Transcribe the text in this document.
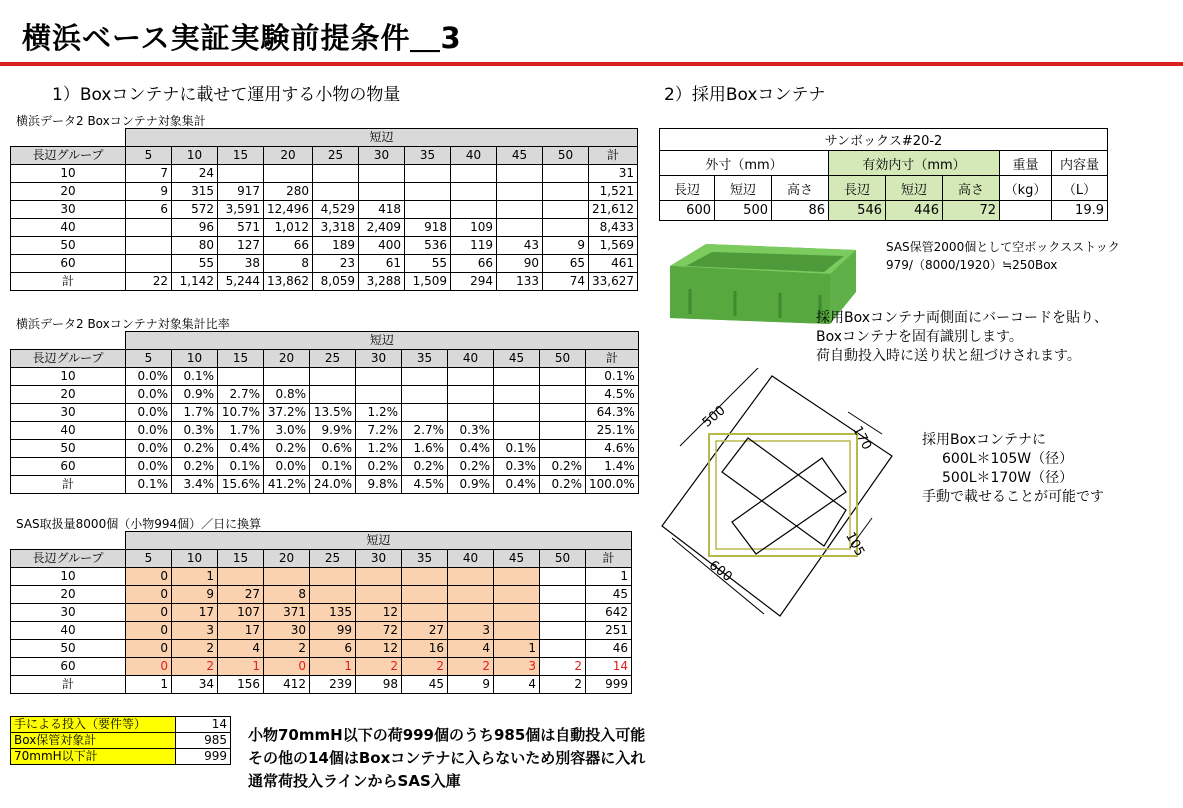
横浜ベース実証実験前提条件＿3
1）Boxコンテナに載せて運用する小物の物量	2）採用Boxコンテナ
横浜データ2 Boxコンテナ対象集計
横浜データ2 Boxコンテナ対象集計比率
SAS取扱量8000個（小物994個）／日に換算
	短辺										
長辺グループ	5	10	15	20	25	30	35	40	45	50	計
10	7	24									31
20	9	315	917	280							1,521
30	6	572	3,591	12,496	4,529	418					21,612
40		96	571	1,012	3,318	2,409	918	109			8,433
50		80	127	66	189	400	536	119	43	9	1,569
60		55	38	8	23	61	55	66	90	65	461
計	22	1,142	5,244	13,862	8,059	3,288	1,509	294	133	74	33,627
	短辺										
長辺グループ	5	10	15	20	25	30	35	40	45	50	計
10	0.0%	0.1%									0.1%
20	0.0%	0.9%	2.7%	0.8%							4.5%
30	0.0%	1.7%	10.7%	37.2%	13.5%	1.2%					64.3%
40	0.0%	0.3%	1.7%	3.0%	9.9%	7.2%	2.7%	0.3%			25.1%
50	0.0%	0.2%	0.4%	0.2%	0.6%	1.2%	1.6%	0.4%	0.1%		4.6%
60	0.0%	0.2%	0.1%	0.0%	0.1%	0.2%	0.2%	0.2%	0.3%	0.2%	1.4%
計	0.1%	3.4%	15.6%	41.2%	24.0%	9.8%	4.5%	0.9%	0.4%	0.2%	100.0%
	短辺										
長辺グループ	5	10	15	20	25	30	35	40	45	50	計
10	0	1									1
20	0	9	27	8							45
30	0	17	107	371	135	12					642
40	0	3	17	30	99	72	27	3			251
50	0	2	4	2	6	12	16	4	1		46
60	0	2	1	0	1	2	2	2	3	2	14
計	1	34	156	412	239	98	45	9	4	2	999
手による投入（要件等）	14
Box保管対象計	985
70mmH以下計	999
小物70mmH以下の荷999個のうち985個は自動投入可能
その他の14個はBoxコンテナに入らないため別容器に入れ
通常荷投入ラインからSAS入庫
サンボックス#20-2							
外寸（mm）			有効内寸（mm）			重量	内容量
長辺	短辺	高さ	長辺	短辺	高さ	（kg）	（L）
600	500	86	546	446	72		19.9
SAS保管2000個として空ボックスストック
979/（8000/1920）≒250Box
採用Boxコンテナ両側面にバーコードを貼り、
Boxコンテナを固有識別します。
荷自動投入時に送り状と紐づけされます。
500
170
600
105
採用Boxコンテナに
600L＊105W（径）
500L＊170W（径）
手動で載せることが可能です
